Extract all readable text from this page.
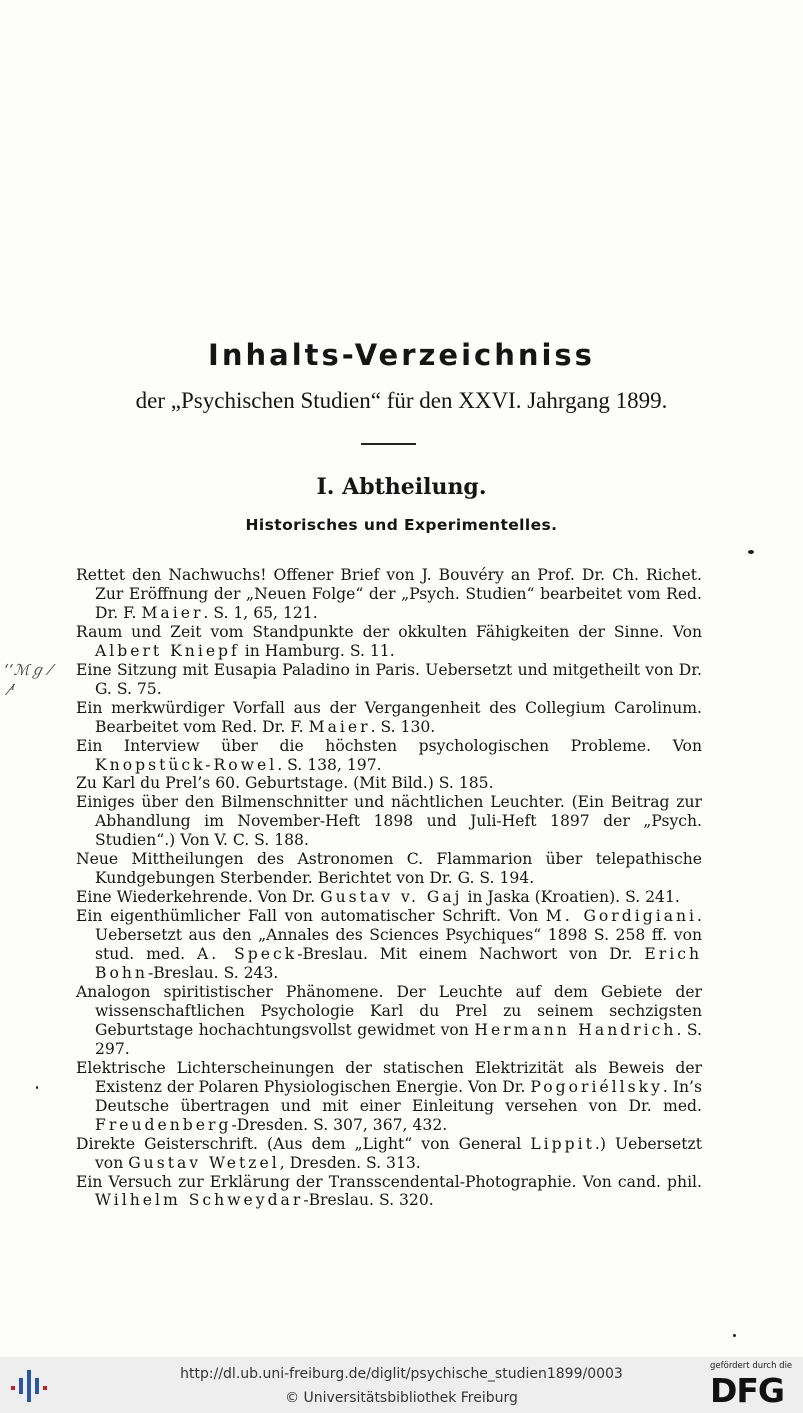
Inhalts-Verzeichniss

der „Psychischen Studien“ für den XXVI. Jahrgang 1899.

I. Abtheilung.
Historisches und Experimentelles.
ʻʻℳℊ ⁄
⁄ᴵ
Rettet den Nachwuchs! Offener Brief von J. Bouvéry an Prof. Dr. Ch. Richet. Zur Eröffnung der „Neuen Folge“ der „Psych. Studien“ bearbeitet vom Red. Dr. F. Maier. S. 1, 65, 121.
Raum und Zeit vom Standpunkte der okkulten Fähigkeiten der Sinne. Von Albert Kniepf in Hamburg. S. 11.
Eine Sitzung mit Eusapia Paladino in Paris. Uebersetzt und mitgetheilt von Dr. G. S. 75.
Ein merkwürdiger Vorfall aus der Vergangenheit des Collegium Carolinum. Bearbeitet vom Red. Dr. F. Maier. S. 130.
Ein Interview über die höchsten psychologischen Probleme. Von Knopstück-Rowel. S. 138, 197.
Zu Karl du Prel’s 60. Geburtstage. (Mit Bild.) S. 185.
Einiges über den Bilmenschnitter und nächtlichen Leuchter. (Ein Beitrag zur Abhandlung im November-Heft 1898 und Juli-Heft 1897 der „Psych. Studien“.) Von V. C. S. 188.
Neue Mittheilungen des Astronomen C. Flammarion über telepathische Kundgebungen Sterbender. Berichtet von Dr. G. S. 194.
Eine Wiederkehrende. Von Dr. Gustav v. Gaj in Jaska (Kroatien). S. 241.
Ein eigenthümlicher Fall von automatischer Schrift. Von M. Gordigiani. Uebersetzt aus den „Annales des Sciences Psychiques“ 1898 S. 258 ff. von stud. med. A. Speck-Breslau. Mit einem Nachwort von Dr. Erich Bohn-Breslau. S. 243.
Analogon spiritistischer Phänomene. Der Leuchte auf dem Gebiete der wissenschaftlichen Psychologie Karl du Prel zu seinem sechzigsten Geburtstage hochachtungsvollst gewidmet von Hermann Handrich. S. 297.
Elektrische Lichterscheinungen der statischen Elektrizität als Beweis der Existenz der Polaren Physiologischen Energie. Von Dr. Pogoriéllsky. In’s Deutsche übertragen und mit einer Einleitung versehen von Dr. med. Freudenberg-Dresden. S. 307, 367, 432.
Direkte Geisterschrift. (Aus dem „Light“ von General Lippit.) Uebersetzt von Gustav Wetzel, Dresden. S. 313.
Ein Versuch zur Erklärung der Transscendental-Photographie. Von cand. phil. Wilhelm Schweydar-Breslau. S. 320.
http://dl.ub.uni-freiburg.de/diglit/psychische_studien1899/0003
© Universitätsbibliothek Freiburg
gefördert durch die
DFG
